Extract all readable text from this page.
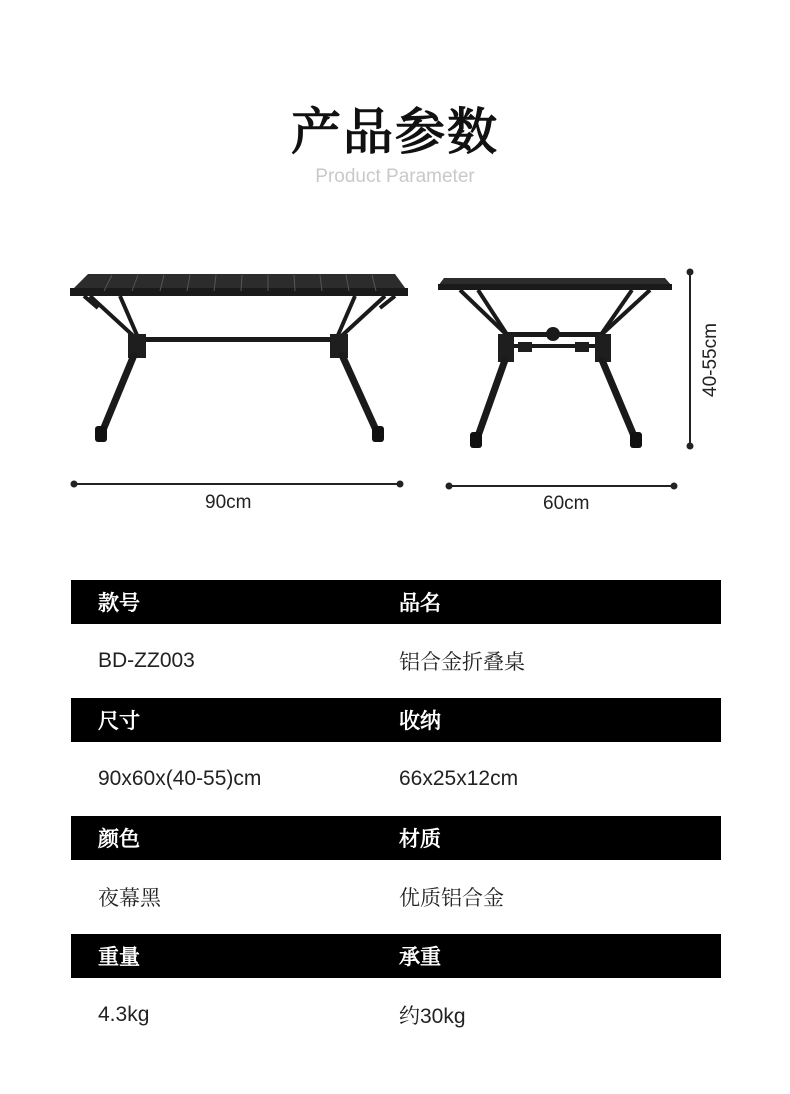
产品参数
Product Parameter
90cm	60cm
40-55cm
款号	品名
BD-ZZ003	铝合金折叠桌
尺寸	收纳
90x60x(40-55)cm	66x25x12cm
颜色	材质
夜幕黑	优质铝合金
重量	承重
4.3kg	约30kg
